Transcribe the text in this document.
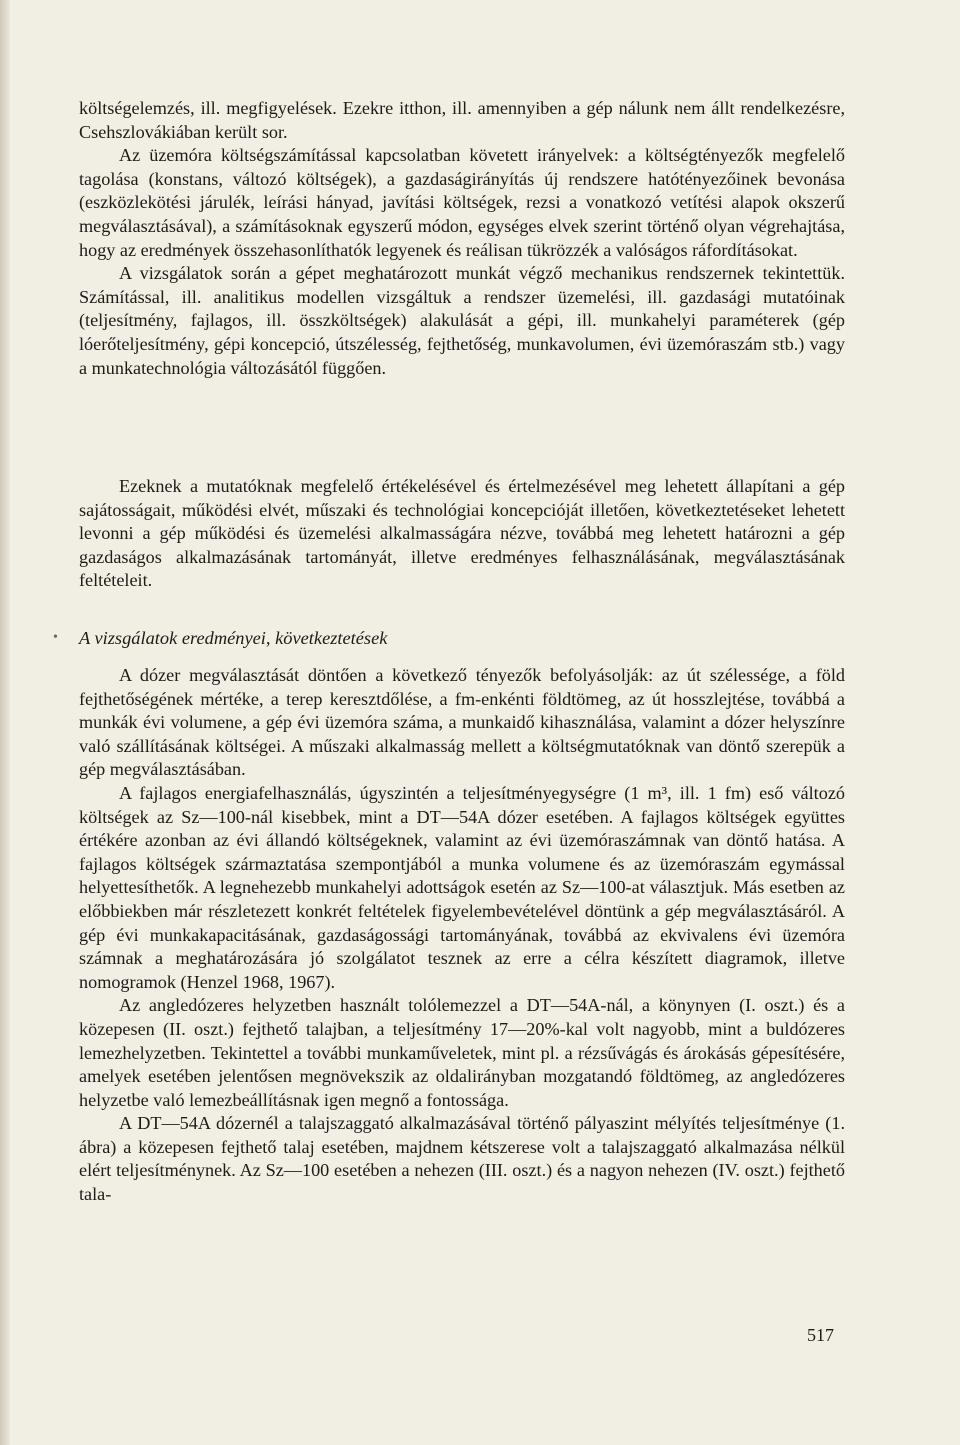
költségelemzés, ill. megfigyelések. Ezekre itthon, ill. amennyiben a gép nálunk nem állt rendelkezésre, Csehszlovákiában került sor.

Az üzemóra költségszámítással kapcsolatban követett irányelvek: a költségtényezők megfelelő tagolása (konstans, változó költségek), a gazdaságirányítás új rendszere hatótényezőinek bevonása (eszközlekötési járulék, leírási hányad, javítási költségek, rezsi a vonatkozó vetítési alapok okszerű megválasztásával), a számításoknak egyszerű módon, egységes elvek szerint történő olyan végrehajtása, hogy az eredmények összehasonlíthatók legyenek és reálisan tükrözzék a valóságos ráfordításokat.

A vizsgálatok során a gépet meghatározott munkát végző mechanikus rendszernek tekintettük. Számítással, ill. analitikus modellen vizsgáltuk a rendszer üzemelési, ill. gazdasági mutatóinak (teljesítmény, fajlagos, ill. összköltségek) alakulását a gépi, ill. munkahelyi paraméterek (gép lóerőteljesítmény, gépi koncepció, útszélesség, fejthetőség, munkavolumen, évi üzemóraszám stb.) vagy a munkatechnológia változásától függően.

Ezeknek a mutatóknak megfelelő értékelésével és értelmezésével meg lehetett állapítani a gép sajátosságait, működési elvét, műszaki és technológiai koncepcióját illetően, következtetéseket lehetett levonni a gép működési és üzemelési alkalmasságára nézve, továbbá meg lehetett határozni a gép gazdaságos alkalmazásának tartományát, illetve eredményes felhasználásának, megválasztásának feltételeit.

• A vizsgálatok eredményei, következtetések

A dózer megválasztását döntően a következő tényezők befolyásolják: az út szélessége, a föld fejthetőségének mértéke, a terep keresztdőlése, a fm-enkénti földtömeg, az út hosszlejtése, továbbá a munkák évi volumene, a gép évi üzemóra száma, a munkaidő kihasználása, valamint a dózer helyszínre való szállításának költségei. A műszaki alkalmasság mellett a költségmutatóknak van döntő szerepük a gép megválasztásában.

A fajlagos energiafelhasználás, úgyszintén a teljesítményegységre (1 m³, ill. 1 fm) eső változó költségek az Sz—100-nál kisebbek, mint a DT—54A dózer esetében. A fajlagos költségek együttes értékére azonban az évi állandó költségeknek, valamint az évi üzemóraszámnak van döntő hatása. A fajlagos költségek származtatása szempontjából a munka volumene és az üzemóraszám egymással helyettesíthetők. A legnehezebb munkahelyi adottságok esetén az Sz—100-at választjuk. Más esetben az előbbiekben már részletezett konkrét feltételek figyelembevételével döntünk a gép megválasztásáról. A gép évi munkakapacitásának, gazdaságossági tartományának, továbbá az ekvivalens évi üzemóra számnak a meghatározására jó szolgálatot tesznek az erre a célra készített diagramok, illetve nomogramok (Henzel 1968, 1967).

Az angledózeres helyzetben használt tolólemezzel a DT—54A-nál, a könynyen (I. oszt.) és a közepesen (II. oszt.) fejthető talajban, a teljesítmény 17—20%-kal volt nagyobb, mint a buldózeres lemezhelyzetben. Tekintettel a további munkaműveletek, mint pl. a rézsűvágás és árokásás gépesítésére, amelyek esetében jelentősen megnövekszik az oldalirányban mozgatandó földtömeg, az angledózeres helyzetbe való lemezbeállításnak igen megnő a fontossága.

A DT—54A dózernél a talajszaggató alkalmazásával történő pályaszint mélyítés teljesítménye (1. ábra) a közepesen fejthető talaj esetében, majdnem kétszerese volt a talajszaggató alkalmazása nélkül elért teljesítménynek. Az Sz—100 esetében a nehezen (III. oszt.) és a nagyon nehezen (IV. oszt.) fejthető tala-

517
